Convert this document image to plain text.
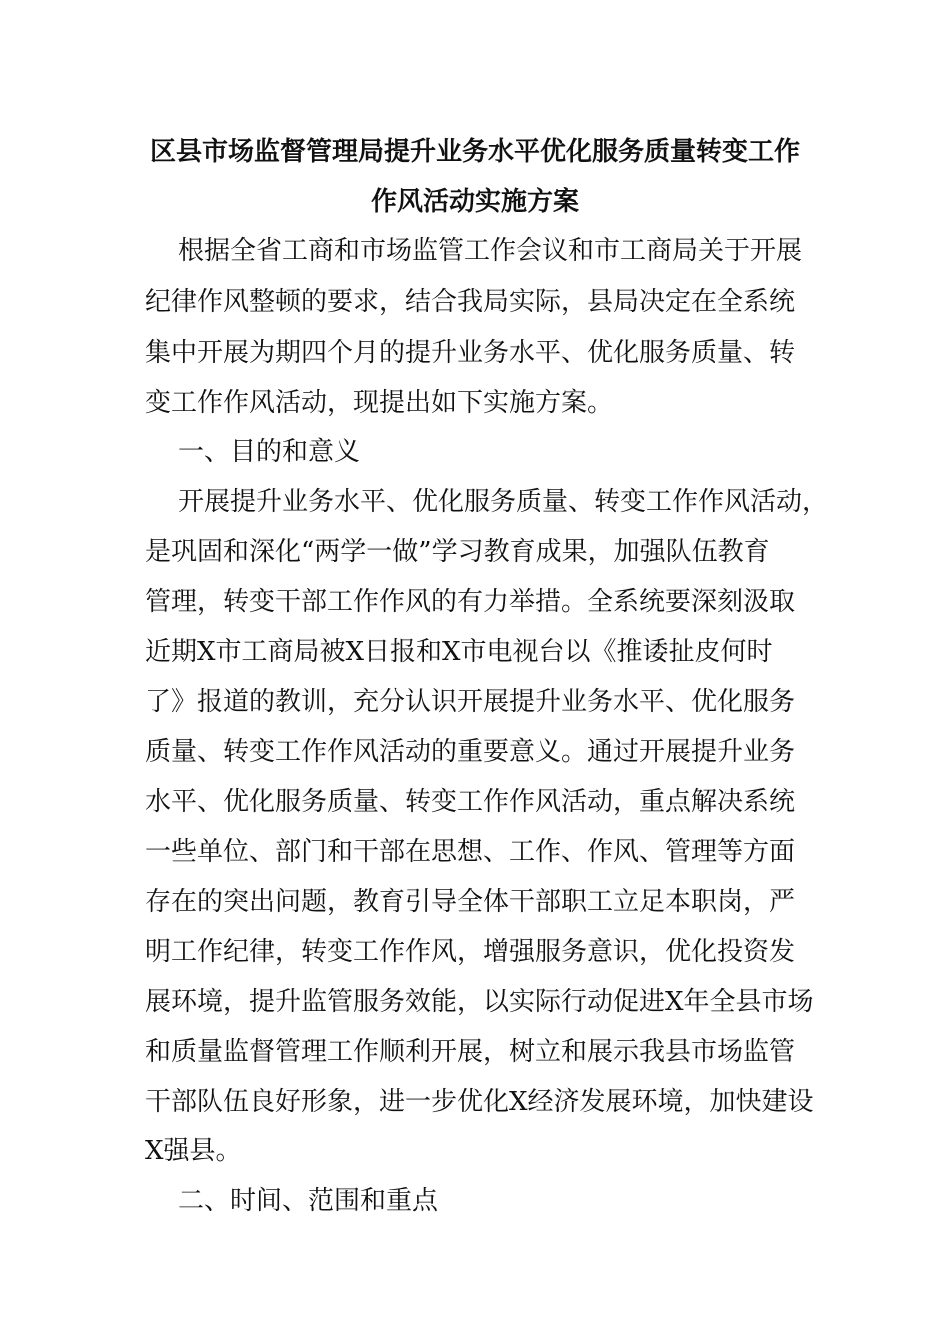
区县市场监督管理局提升业务水平优化服务质量转变工作
作风活动实施方案
根据全省工商和市场监管工作会议和市工商局关于开展
纪律作风整顿的要求，结合我局实际，县局决定在全系统
集中开展为期四个月的提升业务水平、优化服务质量、转
变工作作风活动，现提出如下实施方案。
一、目的和意义
开展提升业务水平、优化服务质量、转变工作作风活动，
是巩固和深化“两学一做”学习教育成果，加强队伍教育
管理，转变干部工作作风的有力举措。全系统要深刻汲取
近期X市工商局被X日报和X市电视台以《推诿扯皮何时
了》报道的教训，充分认识开展提升业务水平、优化服务
质量、转变工作作风活动的重要意义。通过开展提升业务
水平、优化服务质量、转变工作作风活动，重点解决系统
一些单位、部门和干部在思想、工作、作风、管理等方面
存在的突出问题，教育引导全体干部职工立足本职岗，严
明工作纪律，转变工作作风，增强服务意识，优化投资发
展环境，提升监管服务效能，以实际行动促进X年全县市场
和质量监督管理工作顺利开展，树立和展示我县市场监管
干部队伍良好形象，进一步优化X经济发展环境，加快建设
X强县。
二、时间、范围和重点
